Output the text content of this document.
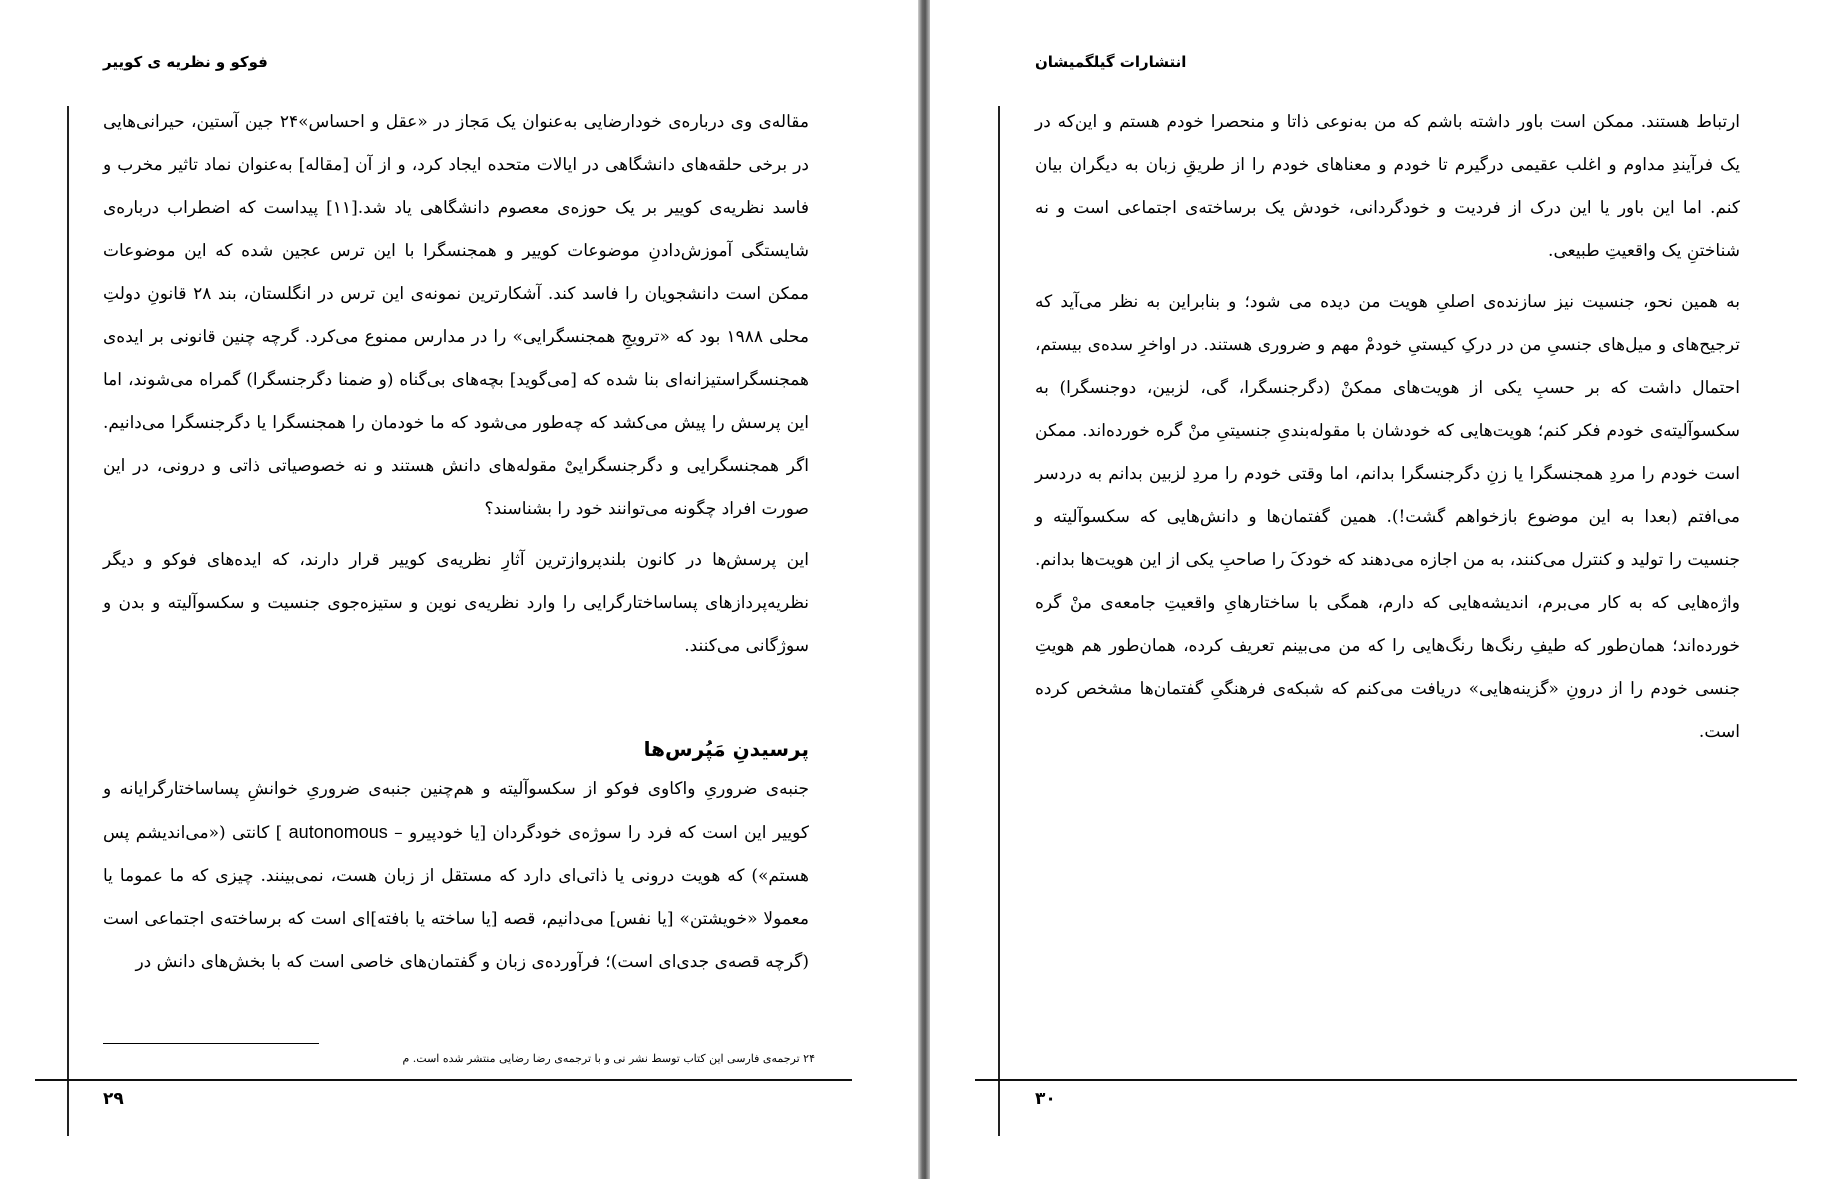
فوکو و نظریه ی کوییر

مقاله‌ی وی درباره‌ی خودارضایی به‌عنوان یک مَجاز در «عقل و احساس»۲۴ جین آستین، حیرانی‌هایی در برخی حلقه‌های دانشگاهی در ایالات متحده ایجاد کرد، و از آن [مقاله] به‌عنوان نماد تاثیر مخرب و فاسد نظریه‌ی کوییر بر یک حوزه‌ی معصوم دانشگاهی یاد شد.[۱۱] پیداست که اضطراب درباره‌ی شایستگی آموزش‌دادنِ موضوعات کوییر و همجنسگرا با این ترس عجین شده که این موضوعات ممکن است دانشجویان را فاسد کند. آشکارترین نمونه‌ی این ترس در انگلستان، بند ۲۸ قانونِ دولتِ محلی ۱۹۸۸ بود که «ترویجِ همجنسگرایی» را در مدارس ممنوع می‌کرد. گرچه چنین قانونی بر ایده‌ی همجنسگراستیزانه‌ای بنا شده که [می‌گوید] بچه‌های بی‌گناه (و ضمنا دگرجنسگرا) گمراه می‌شوند، اما این پرسش را پیش می‌کشد که چه‌طور می‌شود که ما خودمان را همجنسگرا یا دگرجنسگرا می‌دانیم. اگر همجنسگرایی و دگرجنسگراییْ مقوله‌های دانش هستند و نه خصوصیاتی ذاتی و درونی، در این صورت افراد چگونه می‌توانند خود را بشناسند؟

این پرسش‌ها در کانون بلندپروازترین آثارِ نظریه‌ی کوییر قرار دارند، که ایده‌های فوکو و دیگر نظریه‌پردازهای پساساختارگرایی را وارد نظریه‌ی نوین و ستیزه‌جوی جنسیت و سکسوآلیته و بدن و سوژگانی می‌کنند.

پرسیدنِ مَپُرس‌ها

جنبه‌ی ضروریِ واکاوی فوکو از سکسوآلیته و هم‌چنین جنبه‌ی ضروریِ خوانشِ پساساختارگرایانه و کوییر این است که فرد را سوژه‌ی خودگردان [یا خودپیرو – autonomous ] کانتی («می‌اندیشم پس هستم») که هویت درونی یا ذاتی‌ای دارد که مستقل از زبان هست، نمی‌بینند. چیزی که ما عموما یا معمولا «خویشتن» [یا نفس] می‌دانیم، قصه [یا ساخته یا بافته]‌ای است که برساخته‌ی اجتماعی است (گرچه قصه‌ی جدی‌ای است)؛ فرآورده‌ی زبان و گفتمان‌های خاصی است که با بخش‌های دانش در

۲۴ ترجمه‌ی فارسی این کتاب توسط نشر نی و با ترجمه‌ی رضا رضایی منتشر شده است. م
۲۹
انتشارات گیلگمیشان

ارتباط هستند. ممکن است باور داشته باشم که من به‌نوعی ذاتا و منحصرا خودم هستم و این‌که در یک فرآیندِ مداوم و اغلب عقیمی درگیرم تا خودم و معناهای خودم را از طریقِ زبان به دیگران بیان کنم. اما این باور یا این درک از فردیت و خودگردانی، خودش یک برساخته‌ی اجتماعی است و نه شناختنِ یک واقعیتِ طبیعی.

به همین نحو، جنسیت نیز سازنده‌ی اصلیِ هویت من دیده می شود؛ و بنابراین به نظر می‌آید که ترجیح‌های و میل‌های جنسیِ من در درکِ کیستیِ خودمْ مهم و ضروری هستند. در اواخرِ سده‌ی بیستم، احتمال داشت که بر حسبِ یکی از هویت‌های ممکنْ (دگرجنسگرا، گی، لزبین، دوجنسگرا) به سکسوآلیته‌ی خودم فکر کنم؛ هویت‌هایی که خودشان با مقوله‌بندیِ جنسیتیِ منْ گره خورده‌اند. ممکن است خودم را مردِ همجنسگرا یا زنِ دگرجنسگرا بدانم، اما وقتی خودم را مردِ لزبین بدانم به دردسر می‌افتم (بعدا به این موضوع بازخواهم گشت!). همین گفتمان‌ها و دانش‌هایی که سکسوآلیته و جنسیت را تولید و کنترل می‌کنند، به من اجازه می‌دهند که خودکَ را صاحبِ یکی از این هویت‌ها بدانم. واژه‌هایی که به کار می‌برم، اندیشه‌هایی که دارم، همگی با ساختارهایِ واقعیتِ جامعه‌ی منْ گره خورده‌اند؛ همان‌طور که طیفِ رنگ‌ها رنگ‌هایی را که من می‌بینم تعریف کرده، همان‌طور هم هویتِ جنسی خودم را از درونِ «گزینه‌هایی» دریافت می‌کنم که شبکه‌ی فرهنگیِ گفتمان‌ها مشخص کرده است.

۳۰
